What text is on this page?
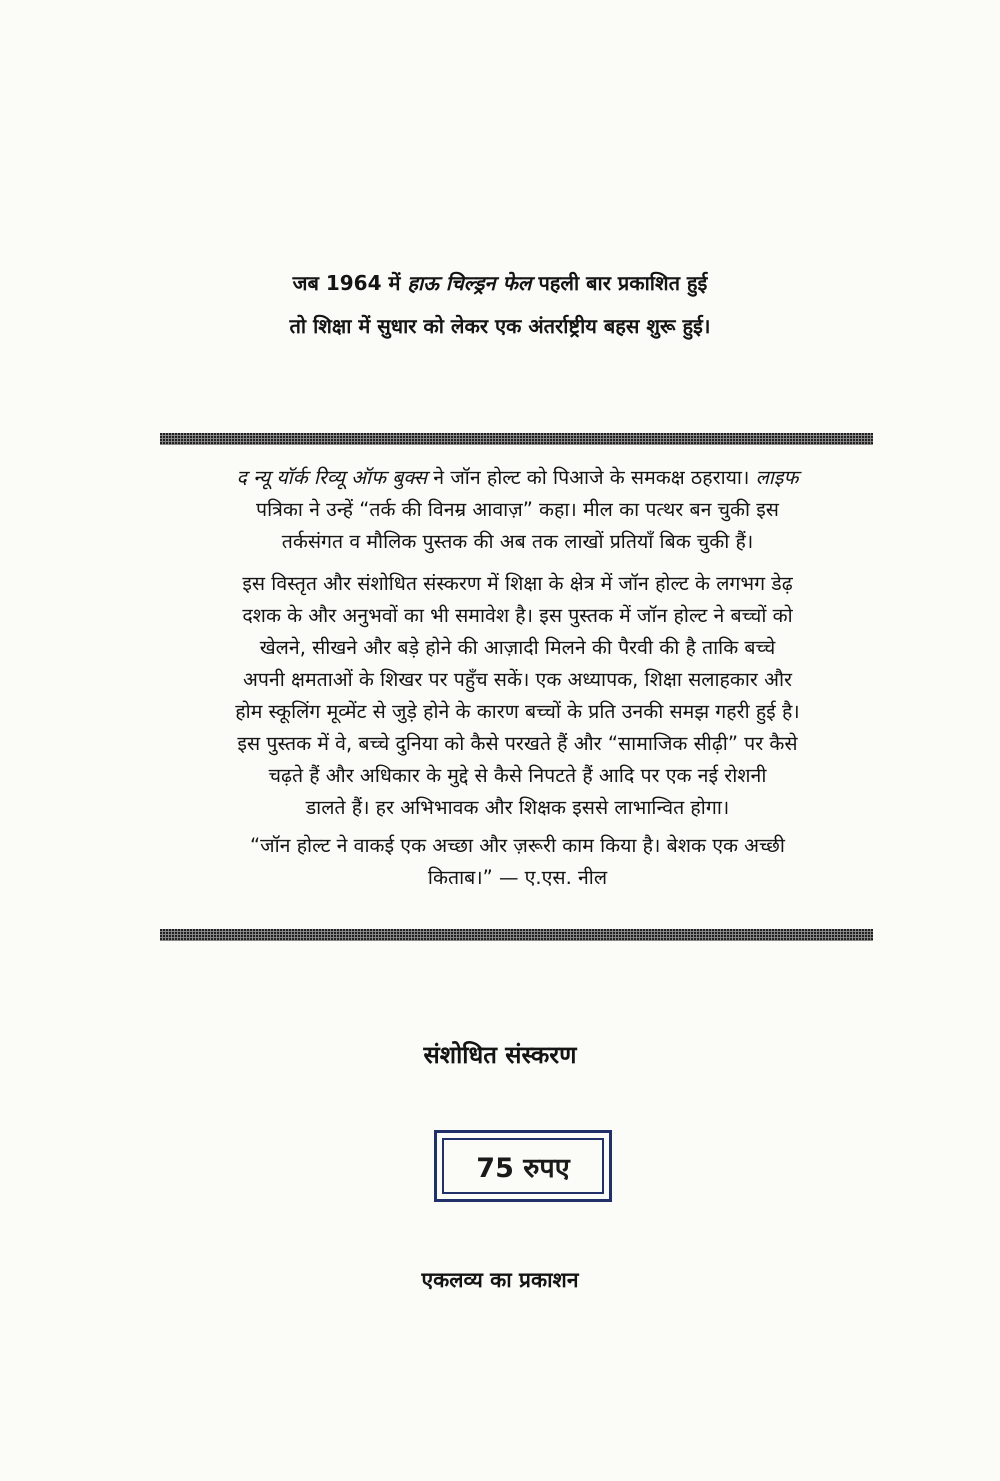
जब 1964 में हाऊ चिल्ड्रन फेल पहली बार प्रकाशित हुई
तो शिक्षा में सुधार को लेकर एक अंतर्राष्ट्रीय बहस शुरू हुई।

द न्यू यॉर्क रिव्यू ऑफ बुक्स ने जॉन होल्ट को पिआजे के समकक्ष ठहराया। लाइफ
पत्रिका ने उन्हें “तर्क की विनम्र आवाज़” कहा। मील का पत्थर बन चुकी इस
तर्कसंगत व मौलिक पुस्तक की अब तक लाखों प्रतियाँ बिक चुकी हैं।

इस विस्तृत और संशोधित संस्करण में शिक्षा के क्षेत्र में जॉन होल्ट के लगभग डेढ़
दशक के और अनुभवों का भी समावेश है। इस पुस्तक में जॉन होल्ट ने बच्चों को
खेलने, सीखने और बड़े होने की आज़ादी मिलने की पैरवी की है ताकि बच्चे
अपनी क्षमताओं के शिखर पर पहुँच सकें। एक अध्यापक, शिक्षा सलाहकार और
होम स्कूलिंग मूव्मेंट से जुड़े होने के कारण बच्चों के प्रति उनकी समझ गहरी हुई है।
इस पुस्तक में वे, बच्चे दुनिया को कैसे परखते हैं और “सामाजिक सीढ़ी” पर कैसे
चढ़ते हैं और अधिकार के मुद्दे से कैसे निपटते हैं आदि पर एक नई रोशनी
डालते हैं। हर अभिभावक और शिक्षक इससे लाभान्वित होगा।

“जॉन होल्ट ने वाकई एक अच्छा और ज़रूरी काम किया है। बेशक एक अच्छी
किताब।” — ए.एस. नील

संशोधित संस्करण
75 रुपए
एकलव्य का प्रकाशन
